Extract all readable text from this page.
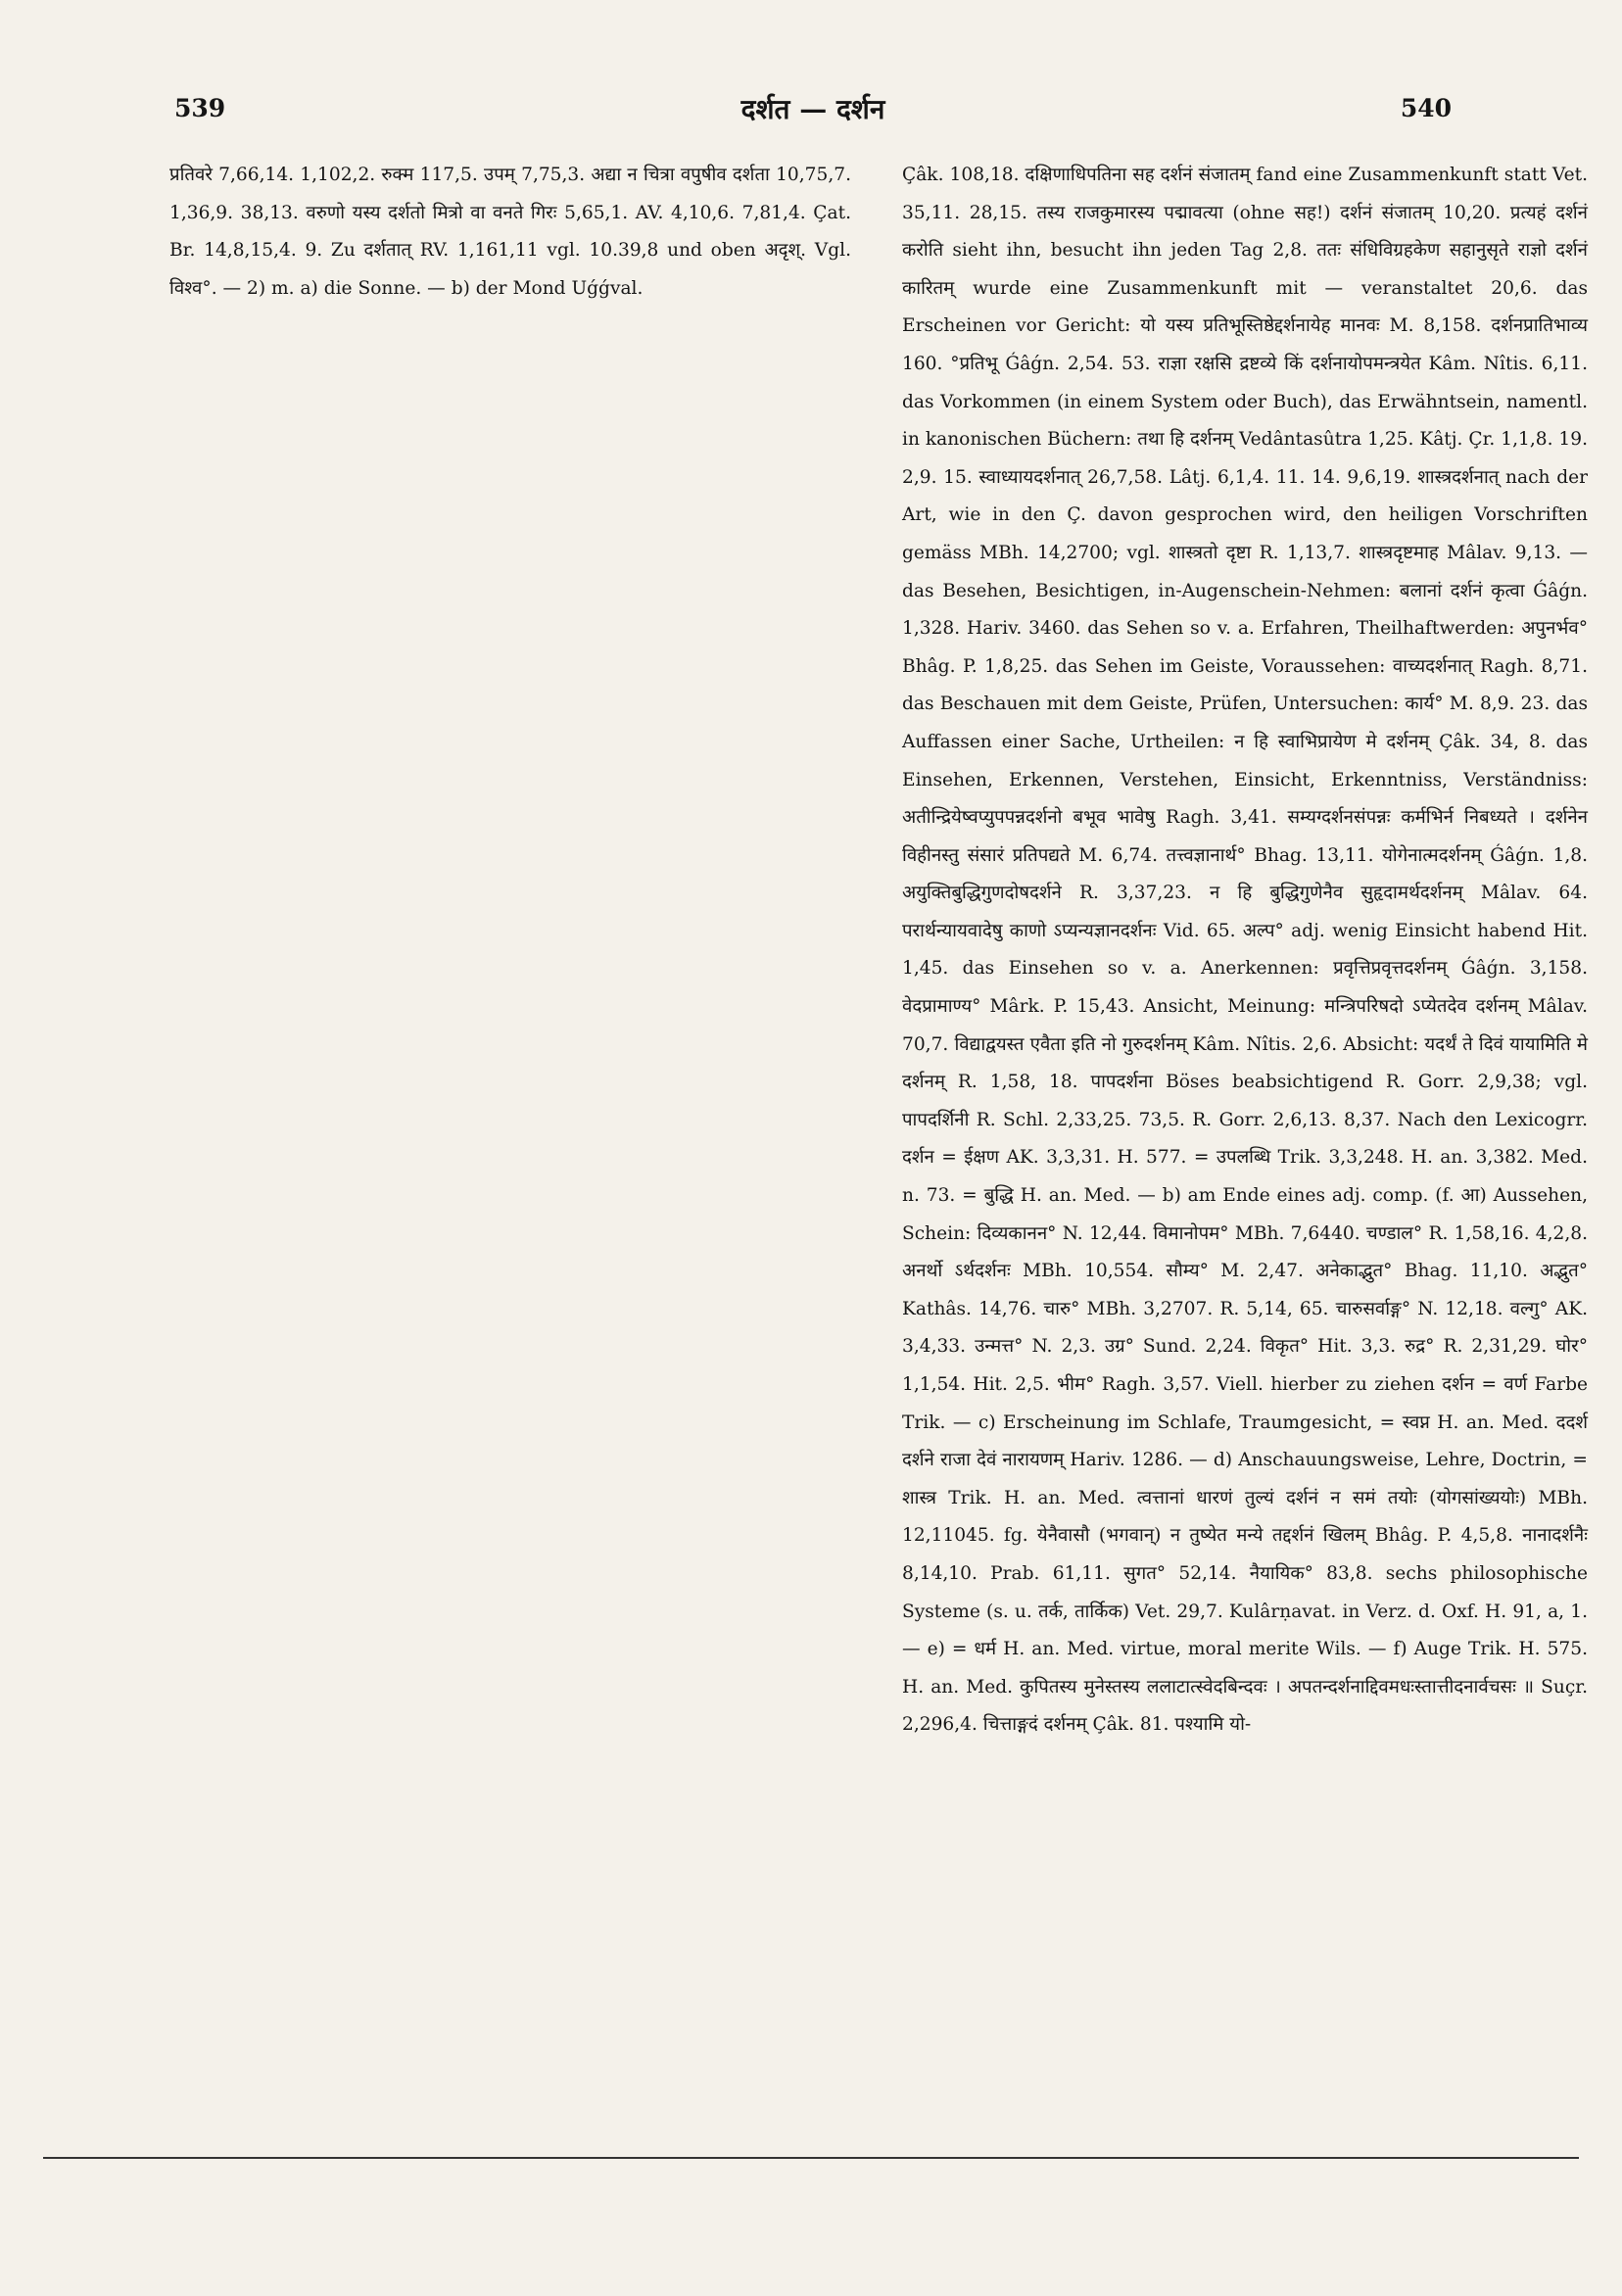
539	दर्शत — दर्शन	540

प्रतिवरे 7,66,14. 1,102,2. रुक्म 117,5. उपम् 7,75,3. अद्या न चित्रा वपुषीव दर्शता 10,75,7. 1,36,9. 38,13. वरुणो यस्य दर्शतो मित्रो वा वनते गिरः 5,65,1. AV. 4,10,6. 7,81,4. Çat. Br. 14,8,15,4. 9. Zu दर्शतात् RV. 1,161,11 vgl. 10.39,8 und oben अदृश्. Vgl. विश्व°. — 2) m. a) die Sonne. — b) der Mond Uǵǵval.

Çâk. 108,18. दक्षिणाधिपतिना सह दर्शनं संजातम् fand eine Zusammenkunft statt Vet. 35,11. 28,15. तस्य राजकुमारस्य पद्मावत्या (ohne सह!) दर्शनं संजातम् 10,20. प्रत्यहं दर्शनं करोति sieht ihn, besucht ihn jeden Tag 2,8. ततः संधिविग्रहकेण सहानुसृते राज्ञो दर्शनं कारितम् wurde eine Zusammenkunft mit — veranstaltet 20,6. das Erscheinen vor Gericht: यो यस्य प्रतिभूस्तिष्ठेद्दर्शनायेह मानवः M. 8,158. दर्शनप्रातिभाव्य 160. °प्रतिभू Ǵâǵn. 2,54. 53. राज्ञा रक्षसि द्रष्टव्ये किं दर्शनायोपमन्त्रयेत Kâm. Nîtis. 6,11. das Vorkommen (in einem System oder Buch), das Erwähntsein, namentl. in kanonischen Büchern: तथा हि दर्शनम् Vedântasûtra 1,25. Kâtj. Çr. 1,1,8. 19. 2,9. 15. स्वाध्यायदर्शनात् 26,7,58. Lâtj. 6,1,4. 11. 14. 9,6,19. शास्त्रदर्शनात् nach der Art, wie in den Ç. davon gesprochen wird, den heiligen Vorschriften gemäss MBh. 14,2700; vgl. शास्त्रतो दृष्टा R. 1,13,7. शास्त्रदृष्टमाह Mâlav. 9,13. — das Besehen, Besichtigen, in-Augenschein-Nehmen: बलानां दर्शनं कृत्वा Ǵâǵn. 1,328. Hariv. 3460. das Sehen so v. a. Erfahren, Theilhaftwerden: अपुनर्भव° Bhâg. P. 1,8,25. das Sehen im Geiste, Voraussehen: वाच्यदर्शनात् Ragh. 8,71. das Beschauen mit dem Geiste, Prüfen, Untersuchen: कार्य° M. 8,9. 23. das Auffassen einer Sache, Urtheilen: न हि स्वाभिप्रायेण मे दर्शनम् Çâk. 34, 8. das Einsehen, Erkennen, Verstehen, Einsicht, Erkenntniss, Verständniss: अतीन्द्रियेष्वप्युपपन्नदर्शनो बभूव भावेषु Ragh. 3,41. सम्यग्दर्शनसंपन्नः कर्मभिर्न निबध्यते । दर्शनेन विहीनस्तु संसारं प्रतिपद्यते M. 6,74. तत्त्वज्ञानार्थ° Bhag. 13,11. योगेनात्मदर्शनम् Ǵâǵn. 1,8. अयुक्तिबुद्धिगुणदोषदर्शने R. 3,37,23. न हि बुद्धिगुणेनैव सुहृदामर्थदर्शनम् Mâlav. 64. परार्थन्यायवादेषु काणो ऽप्यन्यज्ञानदर्शनः Vid. 65. अल्प° adj. wenig Einsicht habend Hit. 1,45. das Einsehen so v. a. Anerkennen: प्रवृत्तिप्रवृत्तदर्शनम् Ǵâǵn. 3,158. वेदप्रामाण्य° Mârk. P. 15,43. Ansicht, Meinung: मन्त्रिपरिषदो ऽप्येतदेव दर्शनम् Mâlav. 70,7. विद्याद्वयस्त एवैता इति नो गुरुदर्शनम् Kâm. Nîtis. 2,6. Absicht: यदर्थं ते दिवं यायामिति मे दर्शनम् R. 1,58, 18. पापदर्शना Böses beabsichtigend R. Gorr. 2,9,38; vgl. पापदर्शिनी R. Schl. 2,33,25. 73,5. R. Gorr. 2,6,13. 8,37. Nach den Lexicogrr. दर्शन = ईक्षण AK. 3,3,31. H. 577. = उपलब्धि Trik. 3,3,248. H. an. 3,382. Med. n. 73. = बुद्धि H. an. Med. — b) am Ende eines adj. comp. (f. आ) Aussehen, Schein: दिव्यकानन° N. 12,44. विमानोपम° MBh. 7,6440. चण्डाल° R. 1,58,16. 4,2,8. अनर्थो ऽर्थदर्शनः MBh. 10,554. सौम्य° M. 2,47. अनेकाद्भुत° Bhag. 11,10. अद्भुत° Kathâs. 14,76. चारु° MBh. 3,2707. R. 5,14, 65. चारुसर्वाङ्ग° N. 12,18. वल्गु° AK. 3,4,33. उन्मत्त° N. 2,3. उग्र° Sund. 2,24. विकृत° Hit. 3,3. रुद्र° R. 2,31,29. घोर° 1,1,54. Hit. 2,5. भीम° Ragh. 3,57. Viell. hierber zu ziehen दर्शन = वर्ण Farbe Trik. — c) Erscheinung im Schlafe, Traumgesicht, = स्वप्न H. an. Med. ददर्श दर्शने राजा देवं नारायणम् Hariv. 1286. — d) Anschauungsweise, Lehre, Doctrin, = शास्त्र Trik. H. an. Med. त्वत्तानां धारणं तुल्यं दर्शनं न समं तयोः (योगसांख्ययोः) MBh. 12,11045. fg. येनैवासौ (भगवान्) न तुष्येत मन्ये तद्दर्शनं खिलम् Bhâg. P. 4,5,8. नानादर्शनैः 8,14,10. Prab. 61,11. सुगत° 52,14. नैयायिक° 83,8. sechs philosophische Systeme (s. u. तर्क, तार्किक) Vet. 29,7. Kulârṇavat. in Verz. d. Oxf. H. 91, a, 1. — e) = धर्म H. an. Med. virtue, moral merite Wils. — f) Auge Trik. H. 575. H. an. Med. कुपितस्य मुनेस्तस्य ललाटात्स्वेदबिन्दवः । अपतन्दर्शनाद्दिवमधःस्तात्तीदनार्वचसः ॥ Suçr. 2,296,4. चित्ताङ्गदं दर्शनम् Çâk. 81. पश्यामि यो-
